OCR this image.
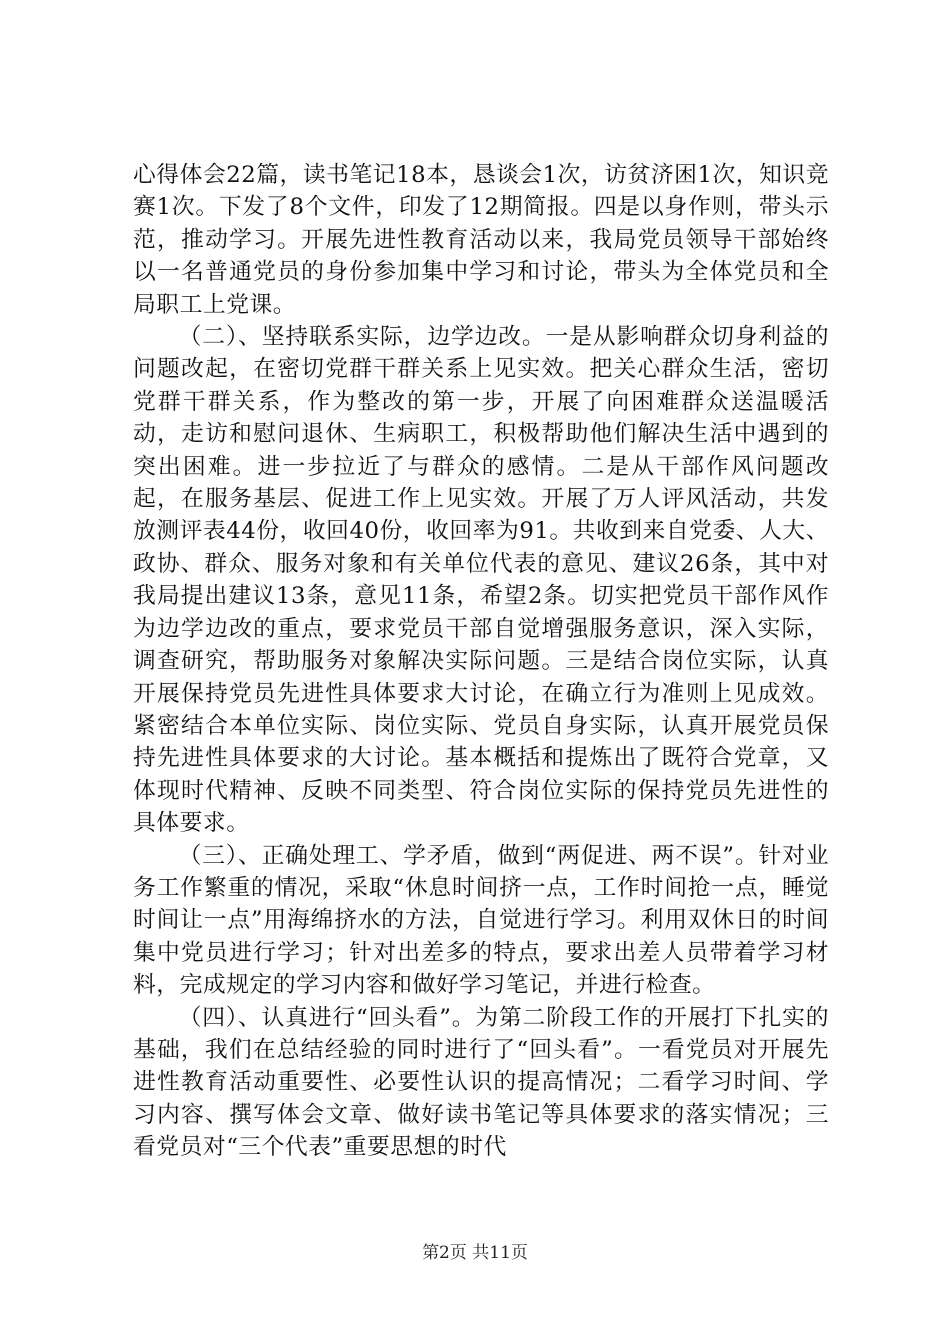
心得体会22篇，读书笔记18本，恳谈会1次，访贫济困1次，知识竞赛1次。下发了8个文件，印发了12期简报。四是以身作则，带头示范，推动学习。开展先进性教育活动以来，我局党员领导干部始终以一名普通党员的身份参加集中学习和讨论，带头为全体党员和全局职工上党课。

（二）、坚持联系实际，边学边改。一是从影响群众切身利益的问题改起，在密切党群干群关系上见实效。把关心群众生活，密切党群干群关系，作为整改的第一步，开展了向困难群众送温暖活动，走访和慰问退休、生病职工，积极帮助他们解决生活中遇到的突出困难。进一步拉近了与群众的感情。二是从干部作风问题改起，在服务基层、促进工作上见实效。开展了万人评风活动，共发放测评表44份，收回40份，收回率为91。共收到来自党委、人大、政协、群众、服务对象和有关单位代表的意见、建议26条，其中对我局提出建议13条，意见11条，希望2条。切实把党员干部作风作为边学边改的重点，要求党员干部自觉增强服务意识，深入实际，调查研究，帮助服务对象解决实际问题。三是结合岗位实际，认真开展保持党员先进性具体要求大讨论，在确立行为准则上见成效。紧密结合本单位实际、岗位实际、党员自身实际，认真开展党员保持先进性具体要求的大讨论。基本概括和提炼出了既符合党章，又体现时代精神、反映不同类型、符合岗位实际的保持党员先进性的具体要求。

（三）、正确处理工、学矛盾，做到“两促进、两不误”。针对业务工作繁重的情况，采取“休息时间挤一点，工作时间抢一点，睡觉时间让一点”用海绵挤水的方法，自觉进行学习。利用双休日的时间集中党员进行学习；针对出差多的特点，要求出差人员带着学习材料，完成规定的学习内容和做好学习笔记，并进行检查。

（四）、认真进行“回头看”。为第二阶段工作的开展打下扎实的基础，我们在总结经验的同时进行了“回头看”。一看党员对开展先进性教育活动重要性、必要性认识的提高情况；二看学习时间、学习内容、撰写体会文章、做好读书笔记等具体要求的落实情况；三看党员对“三个代表”重要思想的时代

第2页 共11页
